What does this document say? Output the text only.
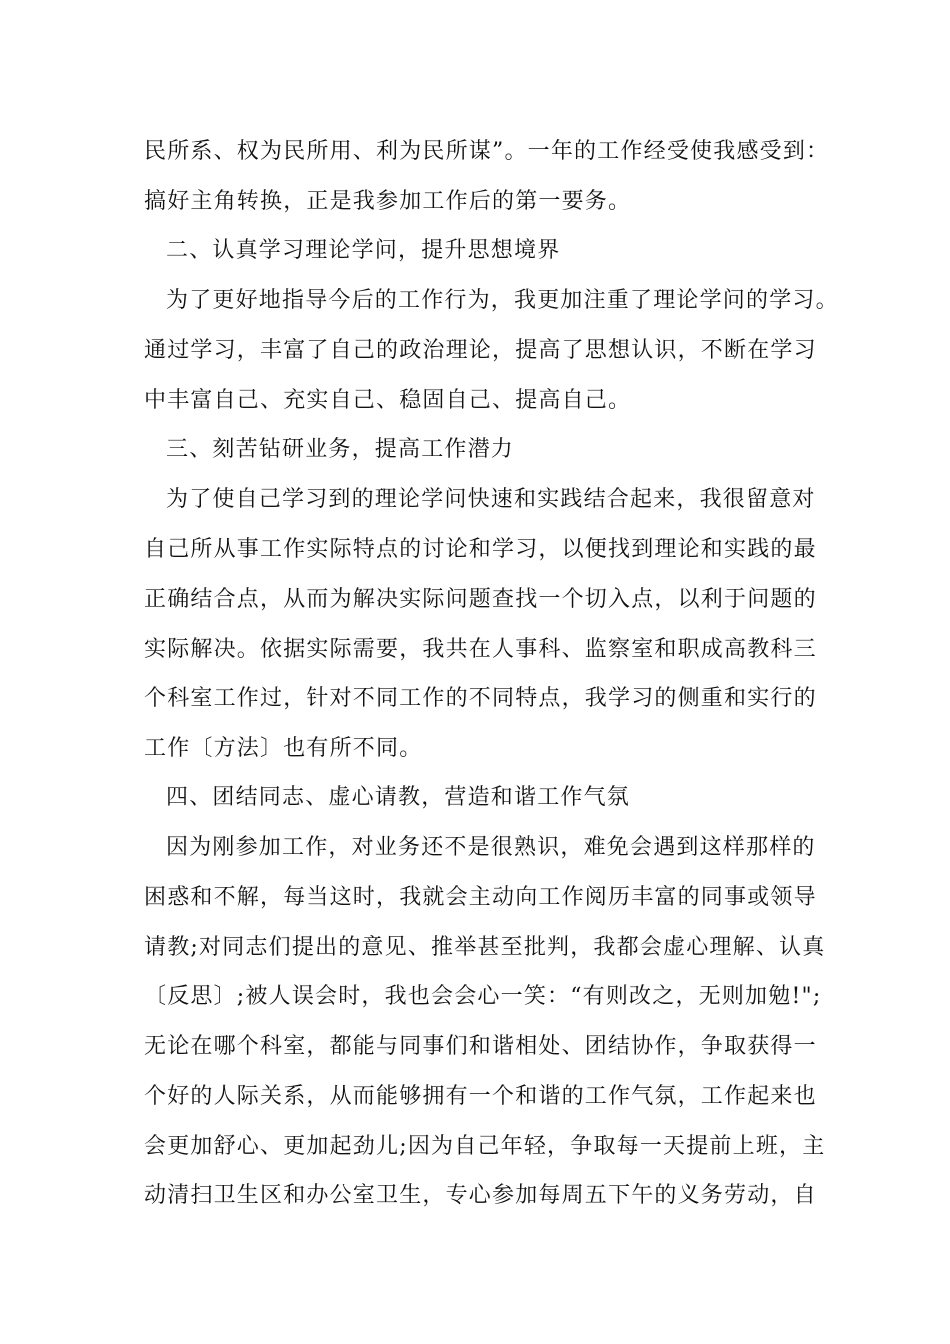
民所系、权为民所用、利为民所谋”。一年的工作经受使我感受到：
搞好主角转换，正是我参加工作后的第一要务。
二、认真学习理论学问，提升思想境界
为了更好地指导今后的工作行为，我更加注重了理论学问的学习。
通过学习，丰富了自己的政治理论，提高了思想认识，不断在学习
中丰富自己、充实自己、稳固自己、提高自己。
三、刻苦钻研业务，提高工作潜力
为了使自己学习到的理论学问快速和实践结合起来，我很留意对
自己所从事工作实际特点的讨论和学习，以便找到理论和实践的最
正确结合点，从而为解决实际问题查找一个切入点，以利于问题的
实际解决。依据实际需要，我共在人事科、监察室和职成高教科三
个科室工作过，针对不同工作的不同特点，我学习的侧重和实行的
工作〔方法〕也有所不同。
四、团结同志、虚心请教，营造和谐工作气氛
因为刚参加工作，对业务还不是很熟识，难免会遇到这样那样的
困惑和不解，每当这时，我就会主动向工作阅历丰富的同事或领导
请教;对同志们提出的意见、推举甚至批判，我都会虚心理解、认真
〔反思〕;被人误会时，我也会会心一笑：“有则改之，无则加勉!";
无论在哪个科室，都能与同事们和谐相处、团结协作，争取获得一
个好的人际关系，从而能够拥有一个和谐的工作气氛，工作起来也
会更加舒心、更加起劲儿;因为自己年轻，争取每一天提前上班，主
动清扫卫生区和办公室卫生，专心参加每周五下午的义务劳动，自
